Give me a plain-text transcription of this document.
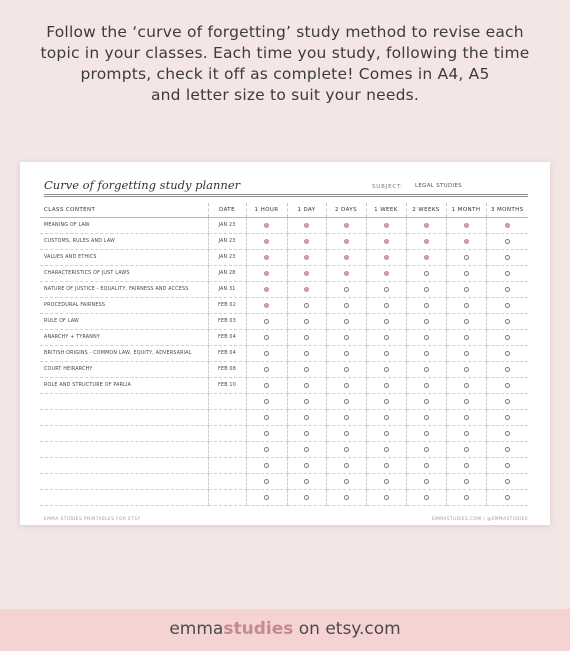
Follow the ‘curve of forgetting’ study method to revise each
topic in your classes. Each time you study, following the time
prompts, check it off as complete! Comes in A4, A5
and letter size to suit your needs.
Curve of forgetting study planner	SUBJECT: LEGAL STUDIES
CLASS CONTENT	DATE	1 HOUR	1 DAY	2 DAYS	1 WEEK	2 WEEKS	1 MONTH	3 MONTHS
MEANING OF LAW	JAN 23							
CUSTOMS, RULES AND LAW	JAN 23							
VALUES AND ETHICS	JAN 23							
CHARACTERISTICS OF JUST LAWS	JAN 28							
NATURE OF JUSTICE - EQUALITY, FAIRNESS AND ACCESS	JAN 31							
PROCEDURAL FAIRNESS	FEB 02							
RULE OF LAW	FEB 03							
ANARCHY + TYRANNY	FEB 04							
BRITISH ORIGINS - COMMON LAW, EQUITY, ADVERSARIAL	FEB 04							
COURT HEIRARCHY	FEB 08							
ROLE AND STRUCTURE OF PARLIA	FEB 10							

EMMA STUDIES PRINTABLES FOR ETSY	EMMASTUDIES.COM | @EMMASTUDIES
emmastudies on etsy.com
